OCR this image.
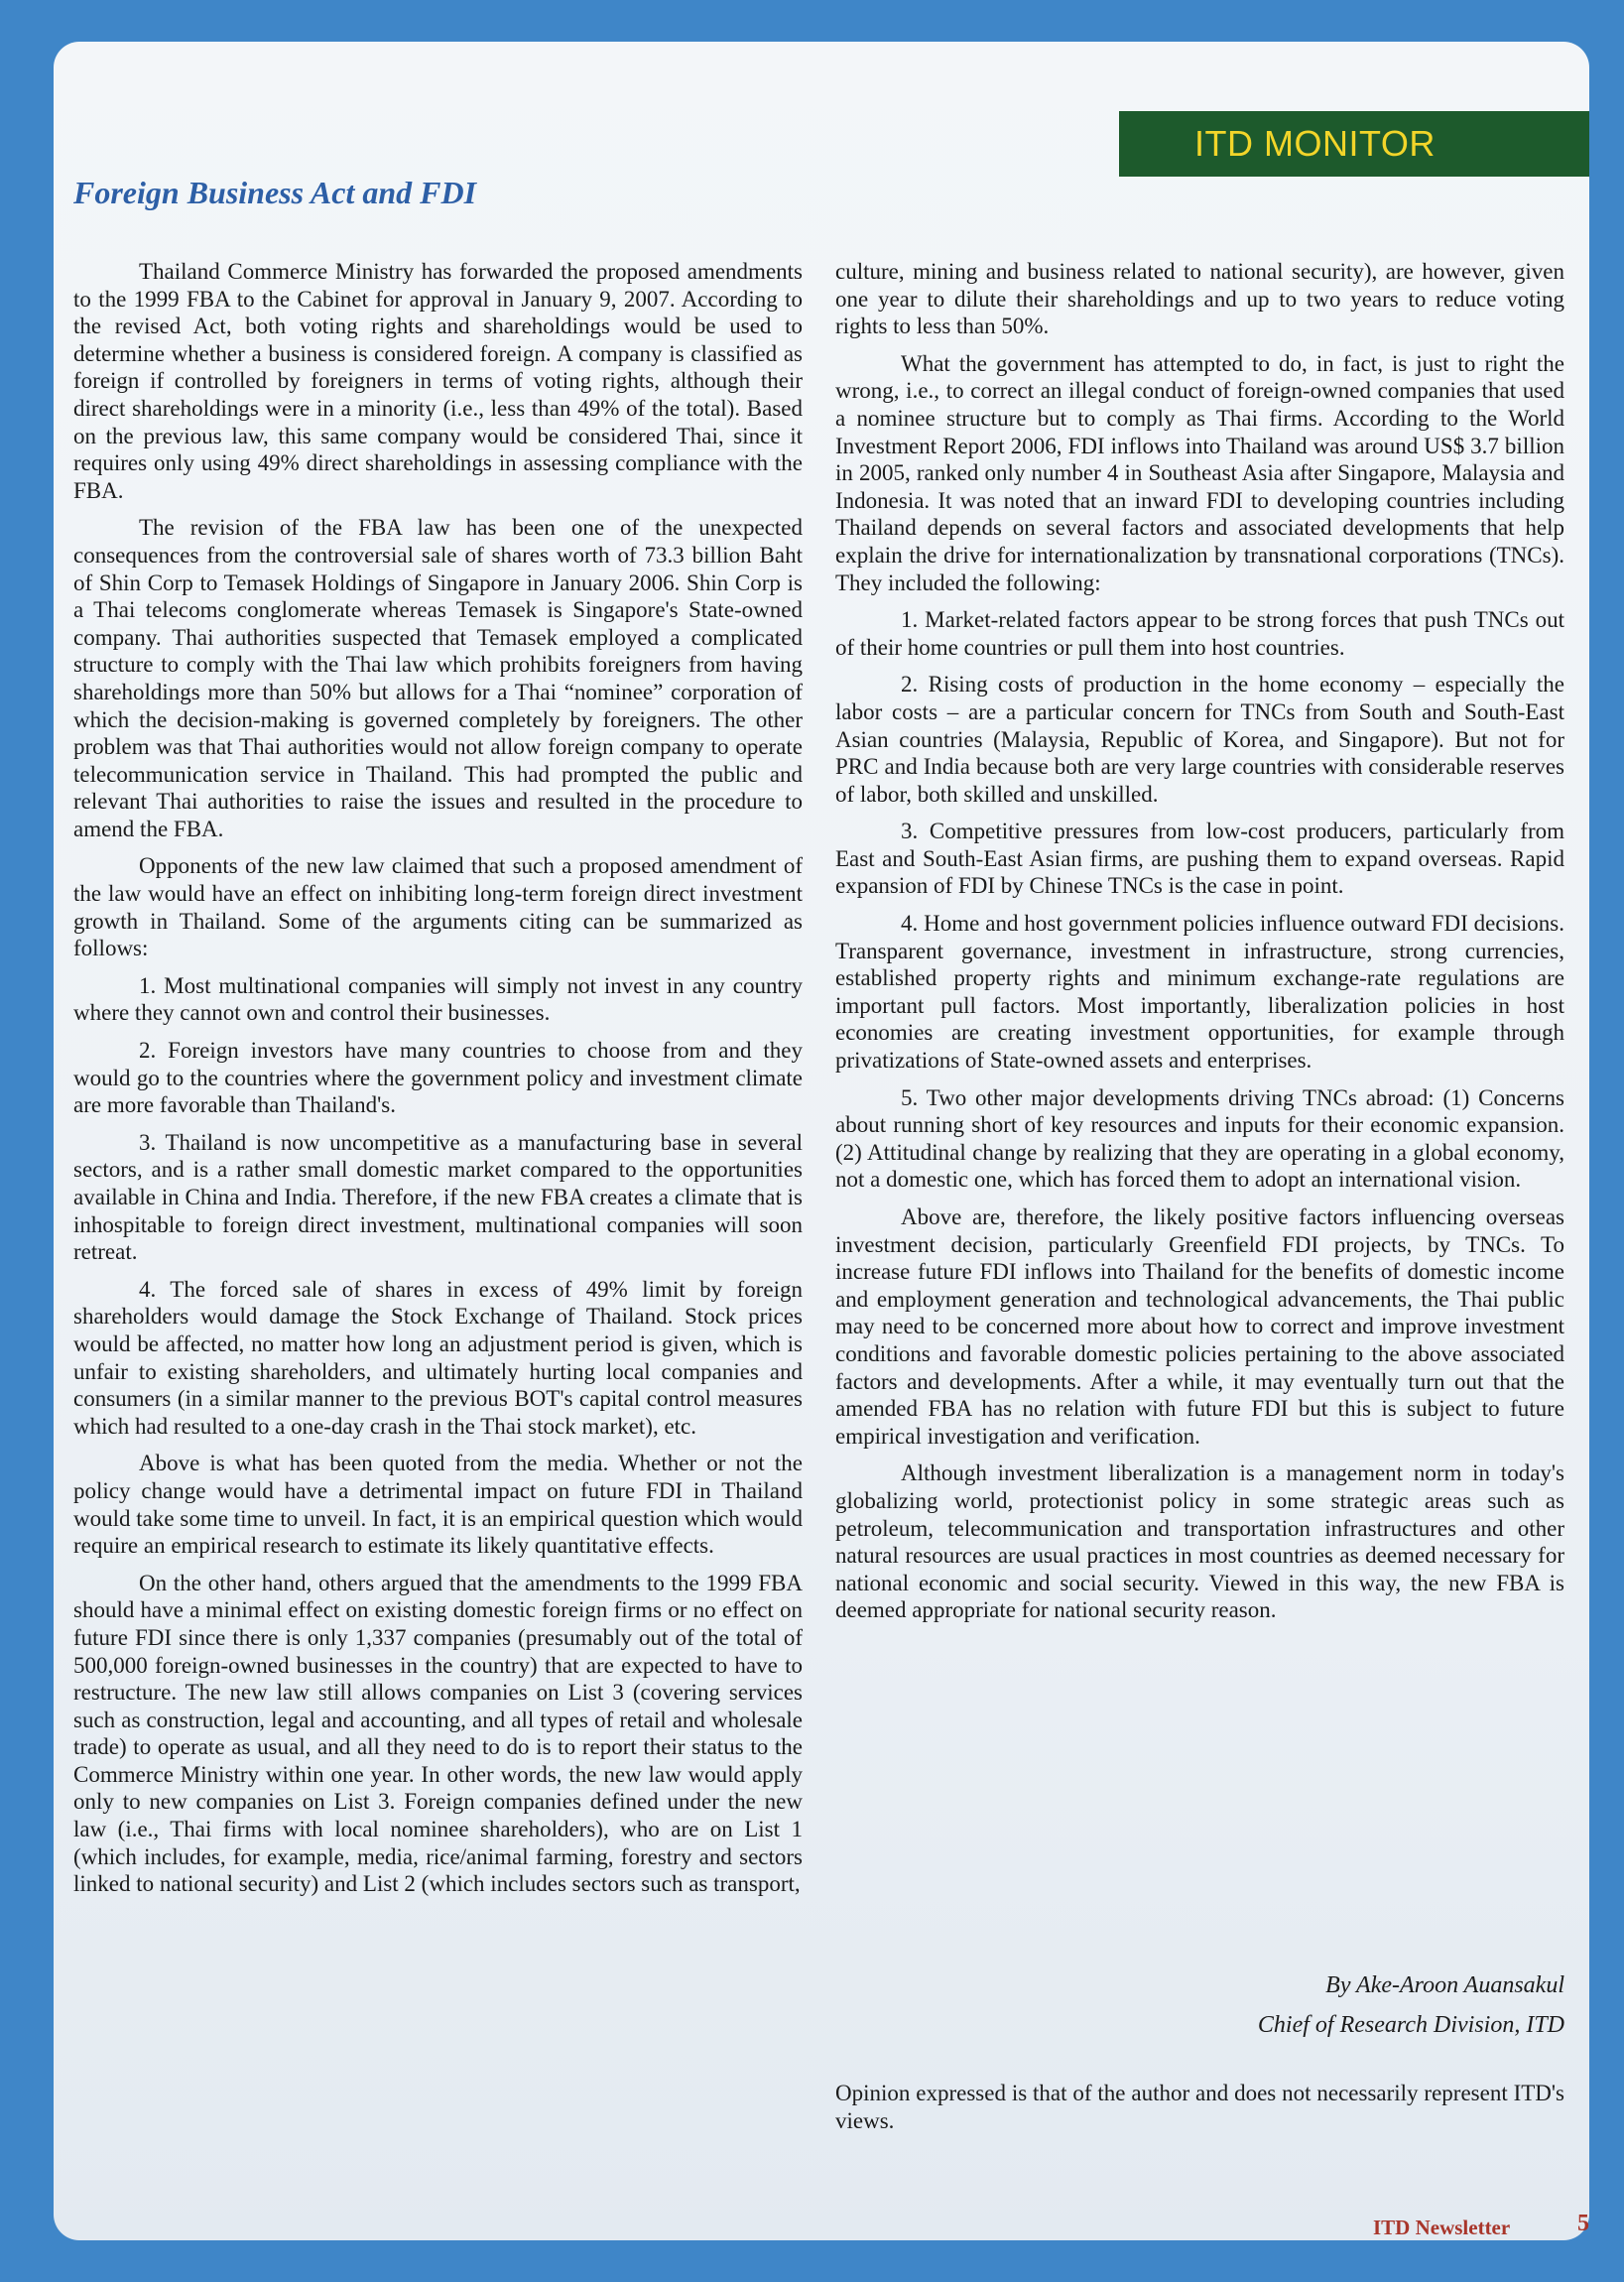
ITD MONITOR
Foreign Business Act and FDI

Thailand Commerce Ministry has forwarded the proposed amendments to the 1999 FBA to the Cabinet for approval in January 9, 2007. According to the revised Act, both voting rights and shareholdings would be used to determine whether a business is considered foreign. A company is classified as foreign if controlled by foreigners in terms of voting rights, although their direct shareholdings were in a minority (i.e., less than 49% of the total). Based on the previous law, this same company would be considered Thai, since it requires only using 49% direct shareholdings in assessing compliance with the FBA.

The revision of the FBA law has been one of the unexpected consequences from the controversial sale of shares worth of 73.3 billion Baht of Shin Corp to Temasek Holdings of Singapore in January 2006. Shin Corp is a Thai telecoms conglomerate whereas Temasek is Singapore's State-owned company. Thai authorities suspected that Temasek employed a complicated structure to comply with the Thai law which prohibits foreigners from having shareholdings more than 50% but allows for a Thai “nominee” corporation of which the decision-making is governed completely by foreigners. The other problem was that Thai authorities would not allow foreign company to operate telecommunication service in Thailand. This had prompted the public and relevant Thai authorities to raise the issues and resulted in the procedure to amend the FBA.

Opponents of the new law claimed that such a proposed amendment of the law would have an effect on inhibiting long-term foreign direct investment growth in Thailand. Some of the arguments citing can be summarized as follows:

1. Most multinational companies will simply not invest in any country where they cannot own and control their businesses.

2. Foreign investors have many countries to choose from and they would go to the countries where the government policy and investment climate are more favorable than Thailand's.

3. Thailand is now uncompetitive as a manufacturing base in several sectors, and is a rather small domestic market compared to the opportunities available in China and India. Therefore, if the new FBA creates a climate that is inhospitable to foreign direct investment, multinational companies will soon retreat.

4. The forced sale of shares in excess of 49% limit by foreign shareholders would damage the Stock Exchange of Thailand. Stock prices would be affected, no matter how long an adjustment period is given, which is unfair to existing shareholders, and ultimately hurting local companies and consumers (in a similar manner to the previous BOT's capital control measures which had resulted to a one-day crash in the Thai stock market), etc.

Above is what has been quoted from the media. Whether or not the policy change would have a detrimental impact on future FDI in Thailand would take some time to unveil. In fact, it is an empirical question which would require an empirical research to estimate its likely quantitative effects.

On the other hand, others argued that the amendments to the 1999 FBA should have a minimal effect on existing domestic foreign firms or no effect on future FDI since there is only 1,337 companies (presumably out of the total of 500,000 foreign-owned businesses in the country) that are expected to have to restructure. The new law still allows companies on List 3 (covering services such as construction, legal and accounting, and all types of retail and wholesale trade) to operate as usual, and all they need to do is to report their status to the Commerce Ministry within one year. In other words, the new law would apply only to new companies on List 3. Foreign companies defined under the new law (i.e., Thai firms with local nominee shareholders), who are on List 1 (which includes, for example, media, rice/animal farming, forestry and sectors linked to national security) and List 2 (which includes sectors such as transport,

culture, mining and business related to national security), are however, given one year to dilute their shareholdings and up to two years to reduce voting rights to less than 50%.

What the government has attempted to do, in fact, is just to right the wrong, i.e., to correct an illegal conduct of foreign-owned companies that used a nominee structure but to comply as Thai firms. According to the World Investment Report 2006, FDI inflows into Thailand was around US$ 3.7 billion in 2005, ranked only number 4 in Southeast Asia after Singapore, Malaysia and Indonesia. It was noted that an inward FDI to developing countries including Thailand depends on several factors and associated developments that help explain the drive for internationalization by transnational corporations (TNCs). They included the following:

1. Market-related factors appear to be strong forces that push TNCs out of their home countries or pull them into host countries.

2. Rising costs of production in the home economy – especially the labor costs – are a particular concern for TNCs from South and South-East Asian countries (Malaysia, Republic of Korea, and Singapore). But not for PRC and India because both are very large countries with considerable reserves of labor, both skilled and unskilled.

3. Competitive pressures from low-cost producers, particularly from East and South-East Asian firms, are pushing them to expand overseas. Rapid expansion of FDI by Chinese TNCs is the case in point.

4. Home and host government policies influence outward FDI decisions. Transparent governance, investment in infrastructure, strong currencies, established property rights and minimum exchange-rate regulations are important pull factors. Most importantly, liberalization policies in host economies are creating investment opportunities, for example through privatizations of State-owned assets and enterprises.

5. Two other major developments driving TNCs abroad: (1) Concerns about running short of key resources and inputs for their economic expansion. (2) Attitudinal change by realizing that they are operating in a global economy, not a domestic one, which has forced them to adopt an international vision.

Above are, therefore, the likely positive factors influencing overseas investment decision, particularly Greenfield FDI projects, by TNCs. To increase future FDI inflows into Thailand for the benefits of domestic income and employment generation and technological advancements, the Thai public may need to be concerned more about how to correct and improve investment conditions and favorable domestic policies pertaining to the above associated factors and developments. After a while, it may eventually turn out that the amended FBA has no relation with future FDI but this is subject to future empirical investigation and verification.

Although investment liberalization is a management norm in today's globalizing world, protectionist policy in some strategic areas such as petroleum, telecommunication and transportation infrastructures and other natural resources are usual practices in most countries as deemed necessary for national economic and social security. Viewed in this way, the new FBA is deemed appropriate for national security reason.

By Ake-Aroon Auansakul
Chief of Research Division, ITD
Opinion expressed is that of the author and does not necessarily represent ITD's views.
ITD Newsletter	5
